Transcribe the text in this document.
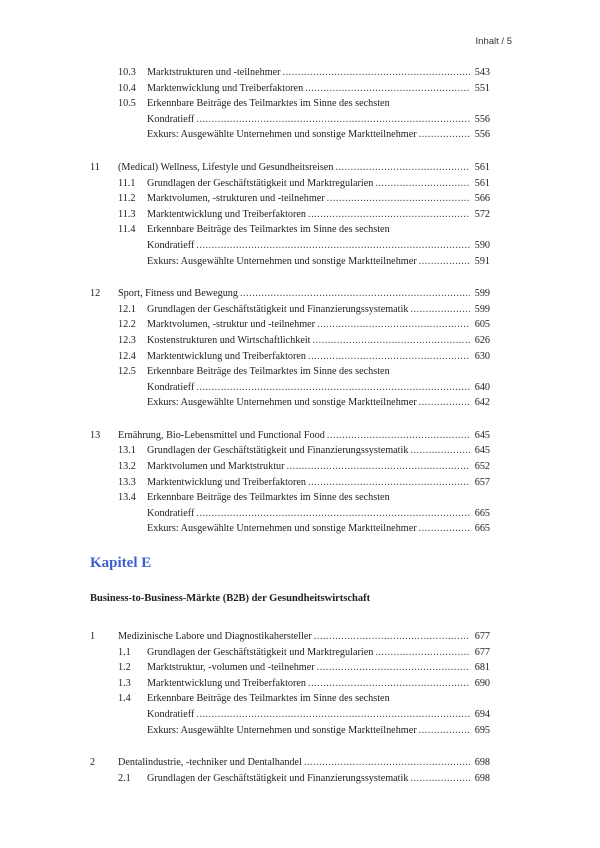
Inhalt / 5
10.3 Marktstrukturen und -teilnehmer .....	543
10.4 Marktenwicklung und Treiberfaktoren .....	551
10.5 Erkennbare Beiträge des Teilmarktes im Sinne des sechsten
Kondratieff .....	556
Exkurs: Ausgewählte Unternehmen und sonstige Marktteilnehmer .....	556
11 (Medical) Wellness, Lifestyle und Gesundheitsreisen .....	561
11.1 Grundlagen der Geschäftstätigkeit und Marktregularien .....	561
11.2 Marktvolumen, -strukturen und -teilnehmer .....	566
11.3 Marktentwicklung und Treiberfaktoren .....	572
11.4 Erkennbare Beiträge des Teilmarktes im Sinne des sechsten
Kondratieff .....	590
Exkurs: Ausgewählte Unternehmen und sonstige Marktteilnehmer .....	591
12 Sport, Fitness und Bewegung .....	599
12.1 Grundlagen der Geschäftstätigkeit und Finanzierungssystematik .....	599
12.2 Marktvolumen, -struktur und -teilnehmer .....	605
12.3 Kostenstrukturen und Wirtschaftlichkeit .....	626
12.4 Marktentwicklung und Treiberfaktoren .....	630
12.5 Erkennbare Beiträge des Teilmarktes im Sinne des sechsten
Kondratieff .....	640
Exkurs: Ausgewählte Unternehmen und sonstige Marktteilnehmer .....	642
13 Ernährung, Bio-Lebensmittel und Functional Food .....	645
13.1 Grundlagen der Geschäftstätigkeit und Finanzierungssystematik .....	645
13.2 Marktvolumen und Marktstruktur .....	652
13.3 Marktentwicklung und Treiberfaktoren .....	657
13.4 Erkennbare Beiträge des Teilmarktes im Sinne des sechsten
Kondratieff .....	665
Exkurs: Ausgewählte Unternehmen und sonstige Marktteilnehmer .....	665
Kapitel E
Business-to-Business-Märkte (B2B) der Gesundheitswirtschaft
1 Medizinische Labore und Diagnostikahersteller .....	677
1.1 Grundlagen der Geschäftstätigkeit und Marktregularien .....	677
1.2 Marktstruktur, -volumen und -teilnehmer .....	681
1.3 Marktentwicklung und Treiberfaktoren .....	690
1.4 Erkennbare Beiträge des Teilmarktes im Sinne des sechsten
Kondratieff .....	694
Exkurs: Ausgewählte Unternehmen und sonstige Marktteilnehmer .....	695
2 Dentalindustrie, -techniker und Dentalhandel .....	698
2.1 Grundlagen der Geschäftstätigkeit und Finanzierungssystematik .....	698
